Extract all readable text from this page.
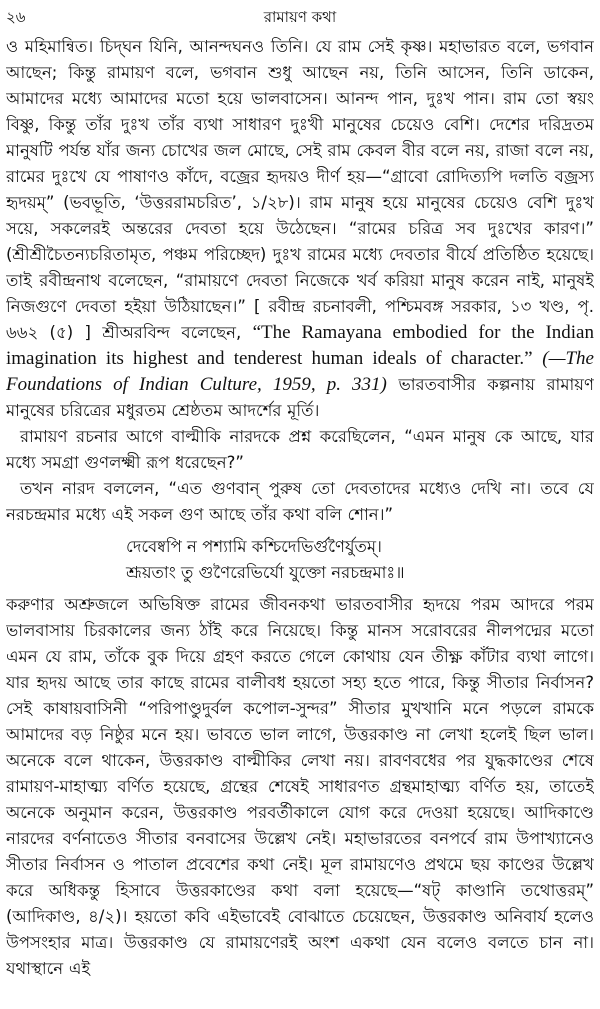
২৬	রামায়ণ কথা

ও মহিমান্বিত। চিদ্‌ঘন যিনি, আনন্দঘনও তিনি। যে রাম সেই কৃষ্ণ। মহাভারত বলে, ভগবান আছেন; কিন্তু রামায়ণ বলে, ভগবান শুধু আছেন নয়, তিনি আসেন, তিনি ডাকেন, আমাদের মধ্যে আমাদের মতো হয়ে ভালবাসেন। আনন্দ পান, দুঃখ পান। রাম তো স্বয়ং বিষ্ণু, কিন্তু তাঁর দুঃখ তাঁর ব্যথা সাধারণ দুঃখী মানুষের চেয়েও বেশি। দেশের দরিদ্রতম মানুষটি পর্যন্ত যাঁর জন্য চোখের জল মোছে, সেই রাম কেবল বীর বলে নয়, রাজা বলে নয়, রামের দুঃখে যে পাষাণও কাঁদে, বজ্রের হৃদয়ও দীর্ণ হয়—“গ্রাবো রোদিত্যপি দলতি বজ্রস্য হৃদয়ম্‌” (ভবভূতি, ‘উত্তররামচরিত’, ১/২৮)। রাম মানুষ হয়ে মানুষের চেয়েও বেশি দুঃখ সয়ে, সকলেরই অন্তরের দেবতা হয়ে উঠেছেন। “রামের চরিত্র সব দুঃখের কারণ।” (শ্রীশ্রীচৈতন্যচরিতামৃত, পঞ্চম পরিচ্ছেদ) দুঃখ রামের মধ্যে দেবতার বীর্যে প্রতিষ্ঠিত হয়েছে। তাই রবীন্দ্রনাথ বলেছেন, “রামায়ণে দেবতা নিজেকে খর্ব করিয়া মানুষ করেন নাই, মানুষই নিজগুণে দেবতা হইয়া উঠিয়াছেন।” [ রবীন্দ্র রচনাবলী, পশ্চিমবঙ্গ সরকার, ১৩ খণ্ড, পৃ. ৬৬২ (৫) ] শ্রীঅরবিন্দ বলেছেন, “The Ramayana embodied for the Indian imagination its highest and tenderest human ideals of character.” (—The Foundations of Indian Culture, 1959, p. 331) ভারতবাসীর কল্পনায় রামায়ণ মানুষের চরিত্রের মধুরতম শ্রেষ্ঠতম আদর্শের মূর্তি।

রামায়ণ রচনার আগে বাল্মীকি নারদকে প্রশ্ন করেছিলেন, “এমন মানুষ কে আছে, যার মধ্যে সমগ্রা গুণলক্ষ্মী রূপ ধরেছেন?”

তখন নারদ বললেন, “এত গুণবান্‌ পুরুষ তো দেবতাদের মধ্যেও দেখি না। তবে যে নরচন্দ্রমার মধ্যে এই সকল গুণ আছে তাঁর কথা বলি শোন।”

দেবেষ্বপি ন পশ্যামি কশ্চিদেভির্গুণৈর্যুতম্‌।
শ্রূয়তাং তু গুণৈরেভির্যো যুক্তো নরচন্দ্রমাঃ॥

করুণার অশ্রুজলে অভিষিক্ত রামের জীবনকথা ভারতবাসীর হৃদয়ে পরম আদরে পরম ভালবাসায় চিরকালের জন্য ঠাঁই করে নিয়েছে। কিন্তু মানস সরোবরের নীলপদ্মের মতো এমন যে রাম, তাঁকে বুক দিয়ে গ্রহণ করতে গেলে কোথায় যেন তীক্ষ্ণ কাঁটার ব্যথা লাগে। যার হৃদয় আছে তার কাছে রামের বালীবধ হয়তো সহ্য হতে পারে, কিন্তু সীতার নির্বাসন? সেই কাষায়বাসিনী “পরিপাণ্ডুদুর্বল কপোল-সুন্দর” সীতার মুখখানি মনে পড়লে রামকে আমাদের বড় নিষ্ঠুর মনে হয়। ভাবতে ভাল লাগে, উত্তরকাণ্ড না লেখা হলেই ছিল ভাল। অনেকে বলে থাকেন, উত্তরকাণ্ড বাল্মীকির লেখা নয়। রাবণবধের পর যুদ্ধকাণ্ডের শেষে রামায়ণ-মাহাত্ম্য বর্ণিত হয়েছে, গ্রন্থের শেষেই সাধারণত গ্রন্থমাহাত্ম্য বর্ণিত হয়, তাতেই অনেকে অনুমান করেন, উত্তরকাণ্ড পরবর্তীকালে যোগ করে দেওয়া হয়েছে। আদিকাণ্ডে নারদের বর্ণনাতেও সীতার বনবাসের উল্লেখ নেই। মহাভারতের বনপর্বে রাম উপাখ্যানেও সীতার নির্বাসন ও পাতাল প্রবেশের কথা নেই। মূল রামায়ণেও প্রথমে ছয় কাণ্ডের উল্লেখ করে অধিকন্তু হিসাবে উত্তরকাণ্ডের কথা বলা হয়েছে—“ষট্‌ কাণ্ডানি তথোত্তরম্‌” (আদিকাণ্ড, ৪/২)। হয়তো কবি এইভাবেই বোঝাতে চেয়েছেন, উত্তরকাণ্ড অনিবার্য হলেও উপসংহার মাত্র। উত্তরকাণ্ড যে রামায়ণেরই অংশ একথা যেন বলেও বলতে চান না। যথাস্থানে এই
